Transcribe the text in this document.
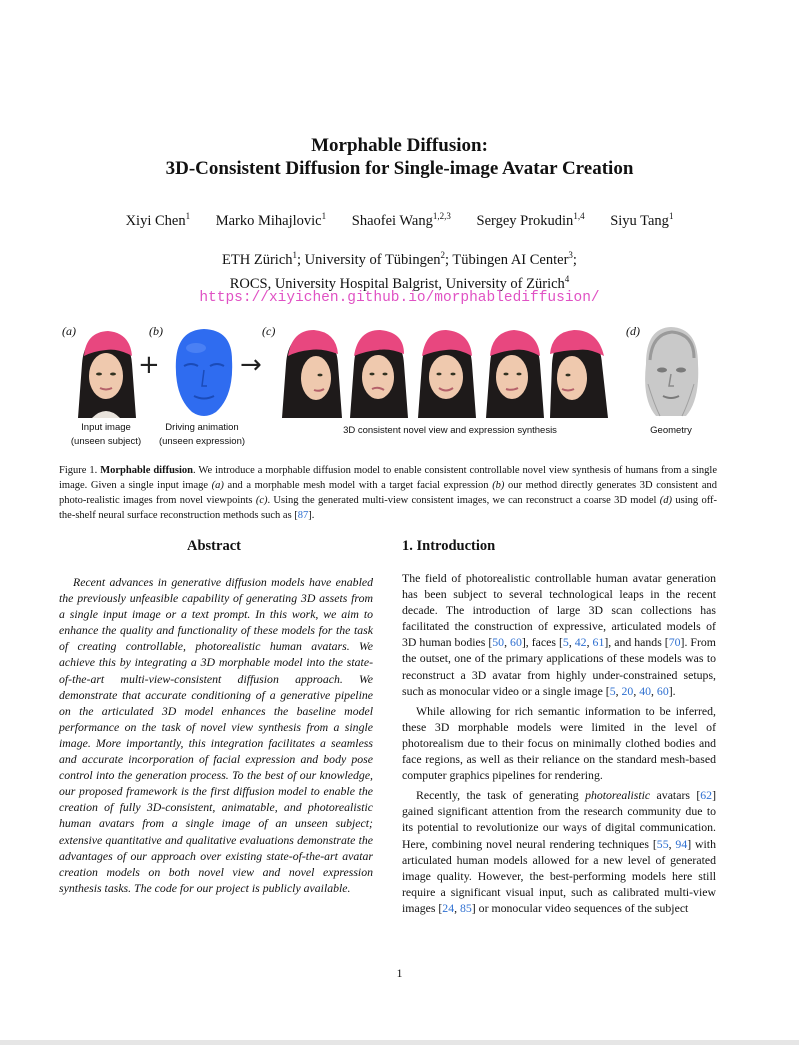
Morphable Diffusion:
3D-Consistent Diffusion for Single-image Avatar Creation
Xiyi Chen$^1$ Marko Mihajlovic$^1$ Shaofei Wang$^{1,2,3}$ Sergey Prokudin$^{1,4}$ Siyu Tang$^1$
ETH Zürich$^1$; University of Tübingen$^2$; Tübingen AI Center$^3$;
ROCS, University Hospital Balgrist, University of Zürich$^4$
https://xiyichen.github.io/morphablediffusion/
(a)	(b)	(c)	(d)
+	→
Input image
(unseen subject)
Driving animation
(unseen expression)
3D consistent novel view and expression synthesis	Geometry
Figure 1. Morphable diffusion. We introduce a morphable diffusion model to enable consistent controllable novel view synthesis of humans from a single image. Given a single input image (a) and a morphable mesh model with a target facial expression (b) our method directly generates 3D consistent and photo-realistic images from novel viewpoints (c). Using the generated multi-view consistent images, we can reconstruct a coarse 3D model (d) using off-the-shelf neural surface reconstruction methods such as [87].
Abstract	1. Introduction
Recent advances in generative diffusion models have enabled the previously unfeasible capability of generating 3D assets from a single input image or a text prompt. In this work, we aim to enhance the quality and functionality of these models for the task of creating controllable, photorealistic human avatars. We achieve this by integrating a 3D morphable model into the state-of-the-art multi-view-consistent diffusion approach. We demonstrate that accurate conditioning of a generative pipeline on the articulated 3D model enhances the baseline model performance on the task of novel view synthesis from a single image. More importantly, this integration facilitates a seamless and accurate incorporation of facial expression and body pose control into the generation process. To the best of our knowledge, our proposed framework is the first diffusion model to enable the creation of fully 3D-consistent, animatable, and photorealistic human avatars from a single image of an unseen subject; extensive quantitative and qualitative evaluations demonstrate the advantages of our approach over existing state-of-the-art avatar creation models on both novel view and novel expression synthesis tasks. The code for our project is publicly available.

The field of photorealistic controllable human avatar generation has been subject to several technological leaps in the recent decade. The introduction of large 3D scan collections has facilitated the construction of expressive, articulated models of 3D human bodies [50, 60], faces [5, 42, 61], and hands [70]. From the outset, one of the primary applications of these models was to reconstruct a 3D avatar from highly under-constrained setups, such as monocular video or a single image [5, 20, 40, 60].

While allowing for rich semantic information to be inferred, these 3D morphable models were limited in the level of photorealism due to their focus on minimally clothed bodies and face regions, as well as their reliance on the standard mesh-based computer graphics pipelines for rendering.

Recently, the task of generating photorealistic avatars [62] gained significant attention from the research community due to its potential to revolutionize our ways of digital communication. Here, combining novel neural rendering techniques [55, 94] with articulated human models allowed for a new level of generated image quality. However, the best-performing models here still require a significant visual input, such as calibrated multi-view images [24, 85] or monocular video sequences of the subject

1
